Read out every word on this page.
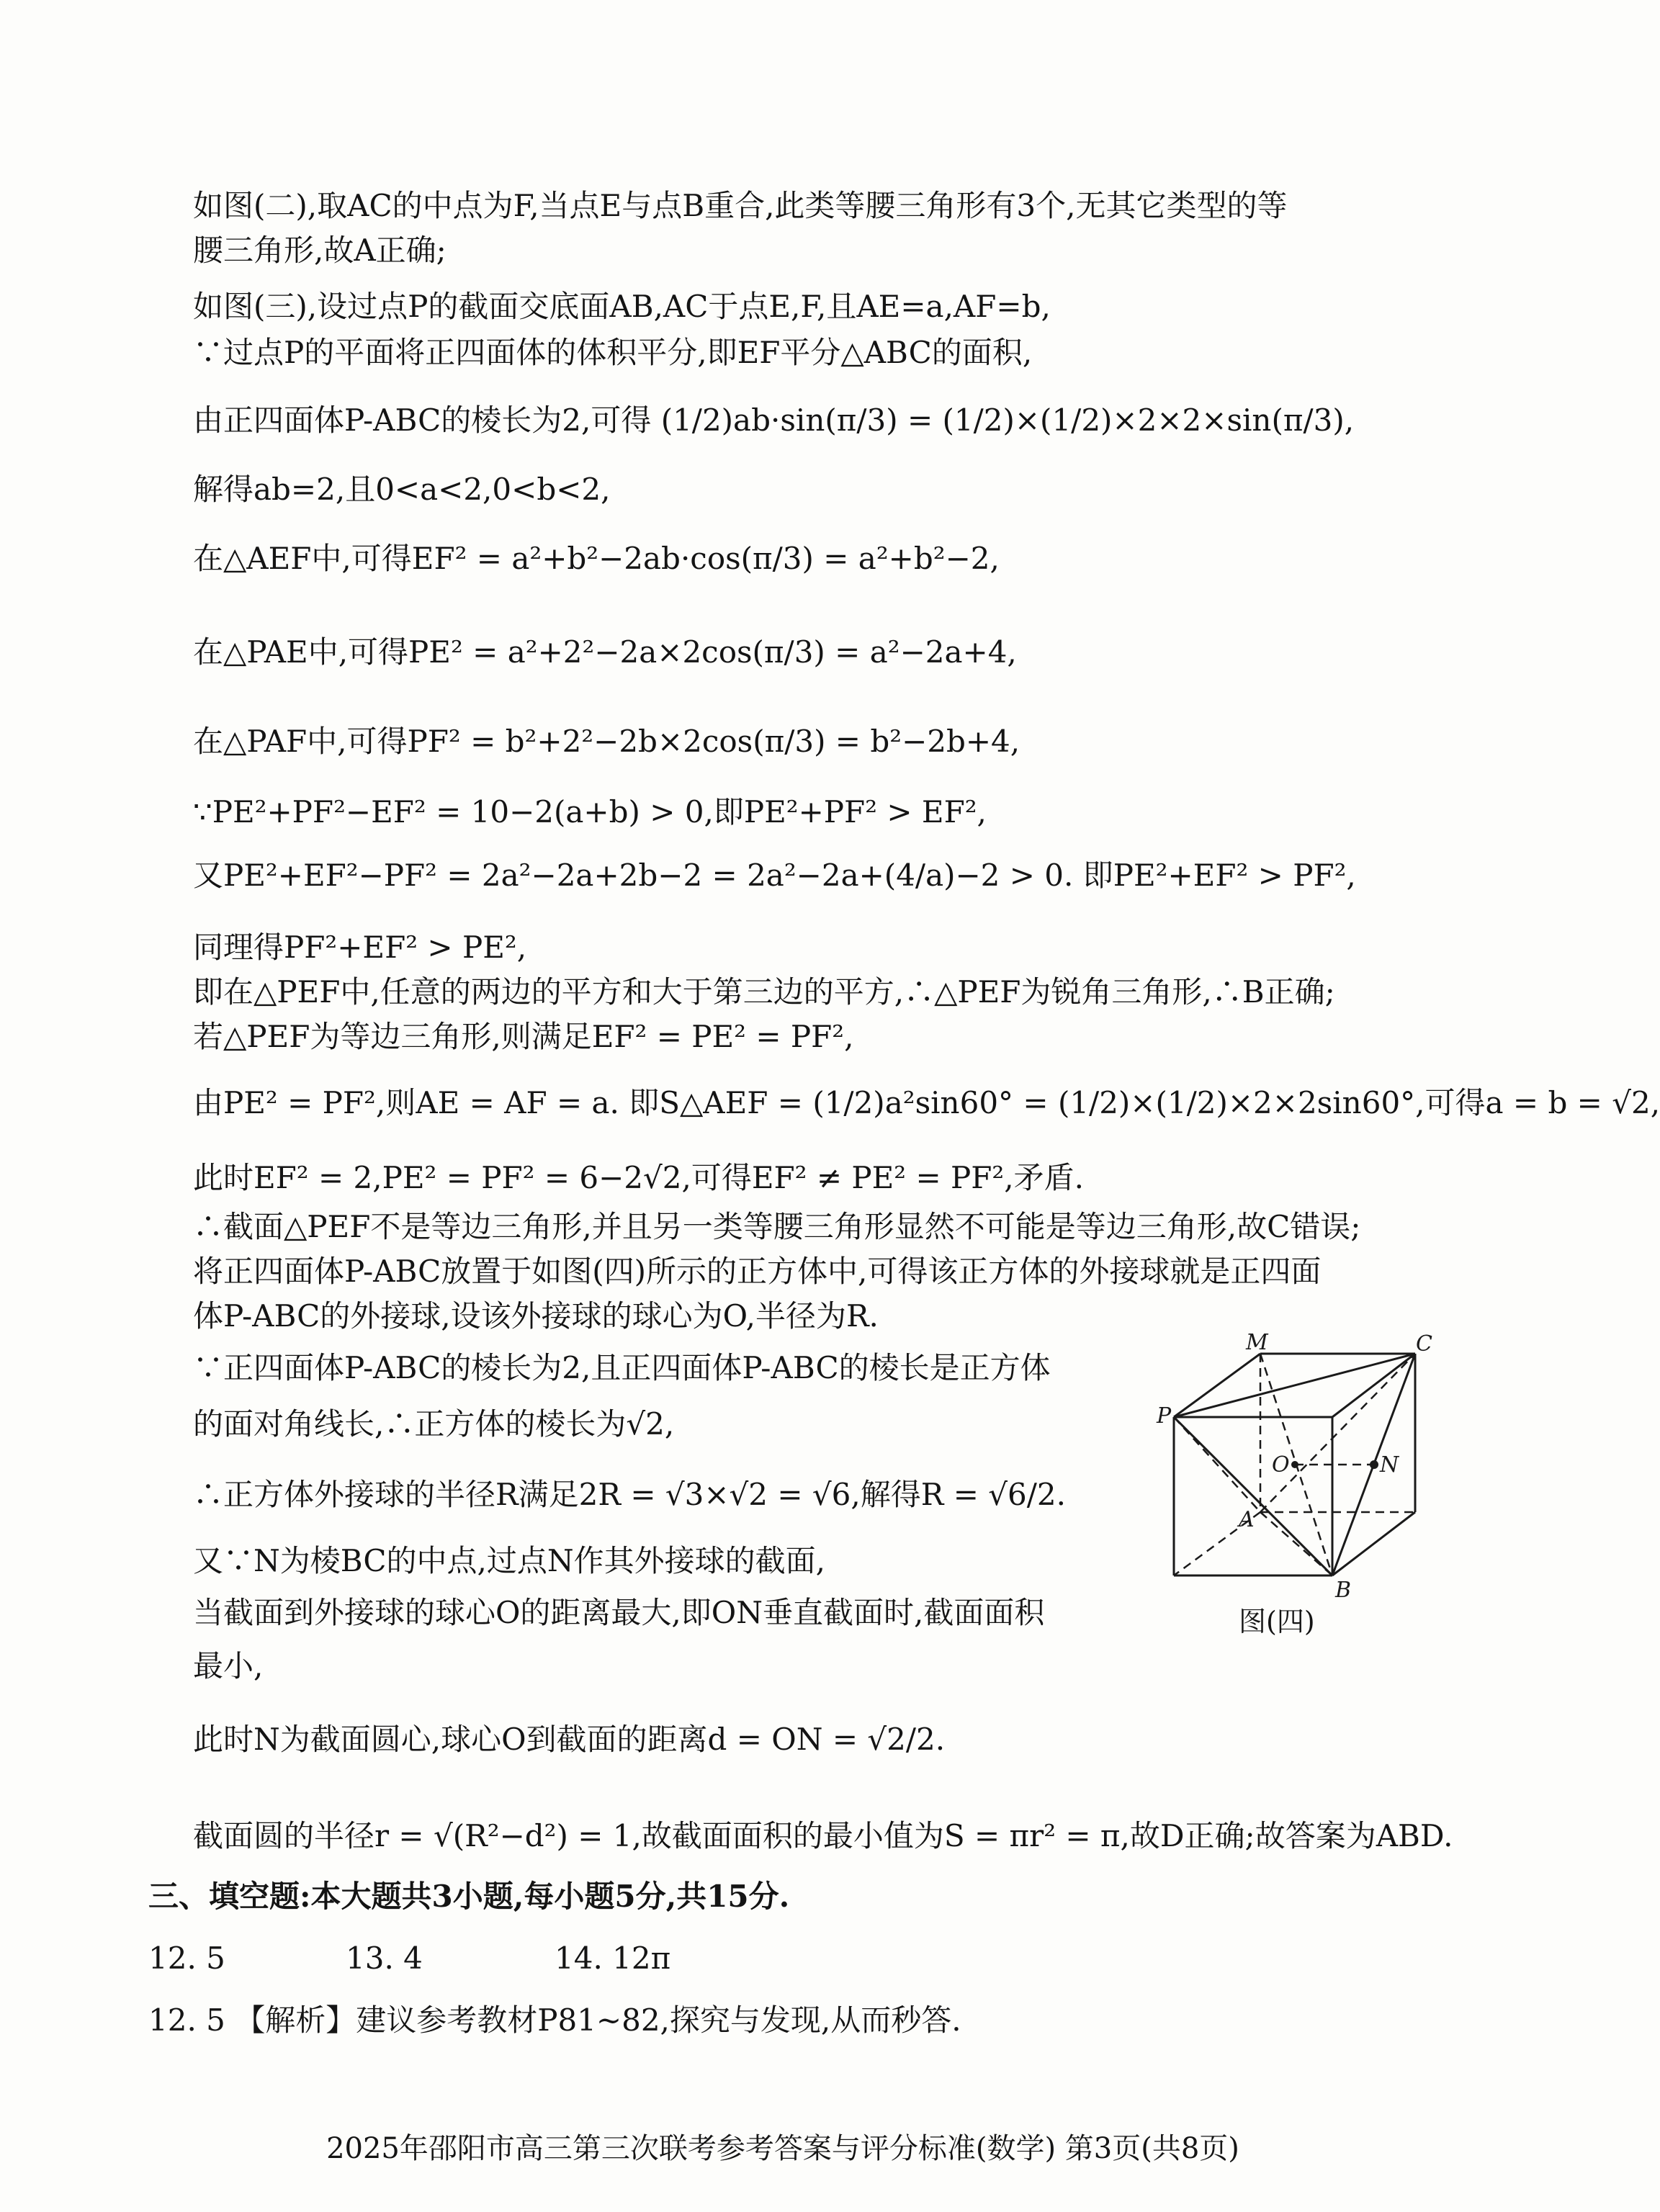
如图(二),取AC的中点为F,当点E与点B重合,此类等腰三角形有3个,无其它类型的等

腰三角形,故A正确;

如图(三),设过点P的截面交底面AB,AC于点E,F,且AE=a,AF=b,

∵过点P的平面将正四面体的体积平分,即EF平分△ABC的面积,

由正四面体P-ABC的棱长为2,可得 (1/2)ab·sin(π/3) = (1/2)×(1/2)×2×2×sin(π/3),

解得ab=2,且0<a<2,0<b<2,

在△AEF中,可得EF² = a²+b²−2ab·cos(π/3) = a²+b²−2,

在△PAE中,可得PE² = a²+2²−2a×2cos(π/3) = a²−2a+4,

在△PAF中,可得PF² = b²+2²−2b×2cos(π/3) = b²−2b+4,

∵PE²+PF²−EF² = 10−2(a+b) > 0,即PE²+PF² > EF²,

又PE²+EF²−PF² = 2a²−2a+2b−2 = 2a²−2a+(4/a)−2 > 0. 即PE²+EF² > PF²,

同理得PF²+EF² > PE²,

即在△PEF中,任意的两边的平方和大于第三边的平方,∴△PEF为锐角三角形,∴B正确;

若△PEF为等边三角形,则满足EF² = PE² = PF²,

由PE² = PF²,则AE = AF = a. 即S△AEF = (1/2)a²sin60° = (1/2)×(1/2)×2×2sin60°,可得a = b = √2,

此时EF² = 2,PE² = PF² = 6−2√2,可得EF² ≠ PE² = PF²,矛盾.

∴截面△PEF不是等边三角形,并且另一类等腰三角形显然不可能是等边三角形,故C错误;

将正四面体P-ABC放置于如图(四)所示的正方体中,可得该正方体的外接球就是正四面

体P-ABC的外接球,设该外接球的球心为O,半径为R.

∵正四面体P-ABC的棱长为2,且正四面体P-ABC的棱长是正方体

的面对角线长,∴正方体的棱长为√2,

∴正方体外接球的半径R满足2R = √3×√2 = √6,解得R = √6/2.

又∵N为棱BC的中点,过点N作其外接球的截面,

当截面到外接球的球心O的距离最大,即ON垂直截面时,截面面积

最小,

此时N为截面圆心,球心O到截面的距离d = ON = √2/2.

截面圆的半径r = √(R²−d²) = 1,故截面面积的最小值为S = πr² = π,故D正确;故答案为ABD.

三、填空题:本大题共3小题,每小题5分,共15分.

12. 5	13. 4	14. 12π

12. 5 【解析】建议参考教材P81~82,探究与发现,从而秒答.

M	C
P
O	N
A
B
图(四)
2025年邵阳市高三第三次联考参考答案与评分标准(数学) 第3页(共8页)
